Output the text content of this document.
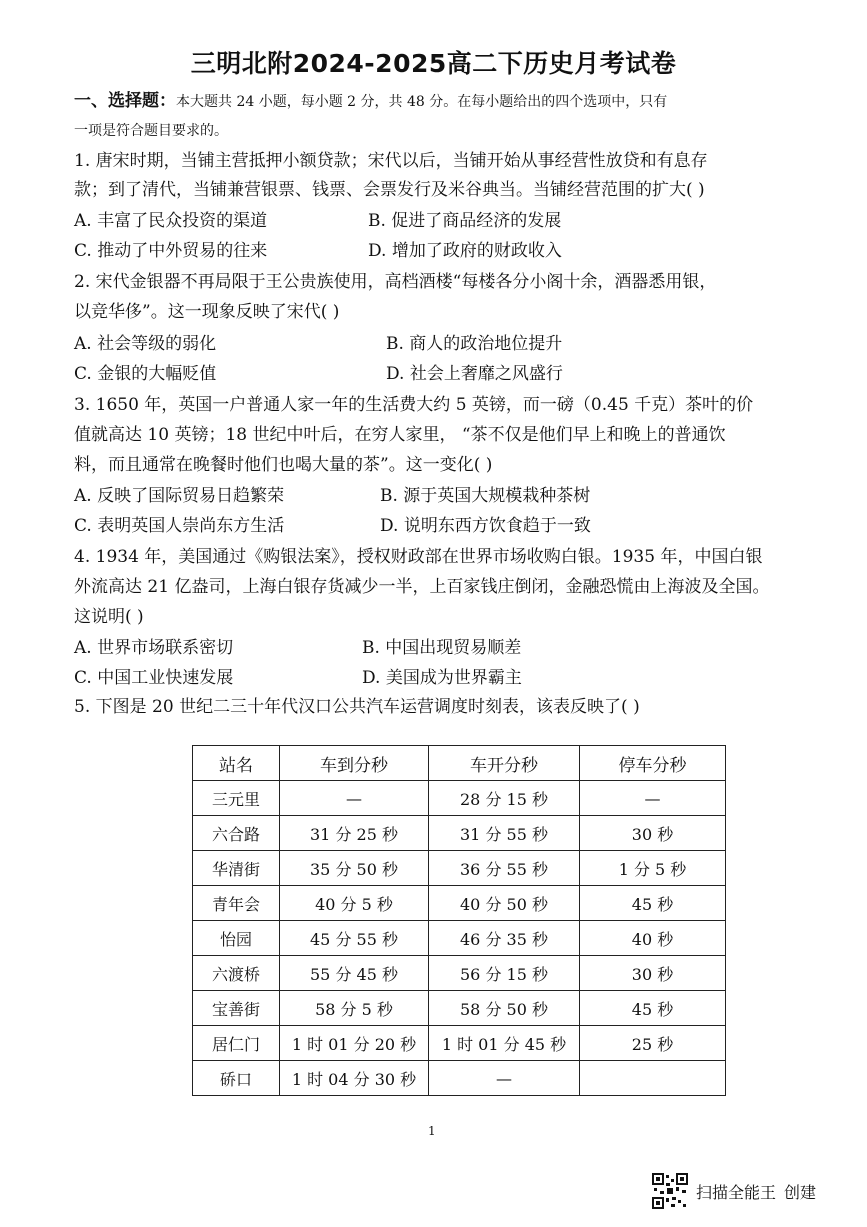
三明北附2024-2025高二下历史月考试卷
一、选择题：本大题共 24 小题，每小题 2 分，共 48 分。在每小题给出的四个选项中，只有
一项是符合题目要求的。
1. 唐宋时期，当铺主营抵押小额贷款；宋代以后，当铺开始从事经营性放贷和有息存
款；到了清代，当铺兼营银票、钱票、会票发行及米谷典当。当铺经营范围的扩大( )
A. 丰富了民众投资的渠道	B. 促进了商品经济的发展
C. 推动了中外贸易的往来	D. 增加了政府的财政收入
2. 宋代金银器不再局限于王公贵族使用，高档酒楼“每楼各分小阁十余，酒器悉用银，
以竞华侈”。这一现象反映了宋代( )
A. 社会等级的弱化	B. 商人的政治地位提升
C. 金银的大幅贬值	D. 社会上奢靡之风盛行
3. 1650 年，英国一户普通人家一年的生活费大约 5 英镑，而一磅（0.45 千克）茶叶的价
值就高达 10 英镑；18 世纪中叶后，在穷人家里， “茶不仅是他们早上和晚上的普通饮
料，而且通常在晚餐时他们也喝大量的茶”。这一变化( )
A. 反映了国际贸易日趋繁荣	B. 源于英国大规模栽种茶树
C. 表明英国人崇尚东方生活	D. 说明东西方饮食趋于一致
4. 1934 年，美国通过《购银法案》，授权财政部在世界市场收购白银。1935 年，中国白银
外流高达 21 亿盎司，上海白银存货减少一半，上百家钱庄倒闭，金融恐慌由上海波及全国。
这说明( )
A. 世界市场联系密切	B. 中国出现贸易顺差
C. 中国工业快速发展	D. 美国成为世界霸主
5. 下图是 20 世纪二三十年代汉口公共汽车运营调度时刻表，该表反映了( )
站名	车到分秒	车开分秒	停车分秒
三元里	—	28 分 15 秒	—
六合路	31 分 25 秒	31 分 55 秒	30 秒
华清街	35 分 50 秒	36 分 55 秒	1 分 5 秒
青年会	40 分 5 秒	40 分 50 秒	45 秒
怡园	45 分 55 秒	46 分 35 秒	40 秒
六渡桥	55 分 45 秒	56 分 15 秒	30 秒
宝善街	58 分 5 秒	58 分 50 秒	45 秒
居仁门	1 时 01 分 20 秒	1 时 01 分 45 秒	25 秒
硚口	1 时 04 分 30 秒	—	
1
扫描全能王 创建
